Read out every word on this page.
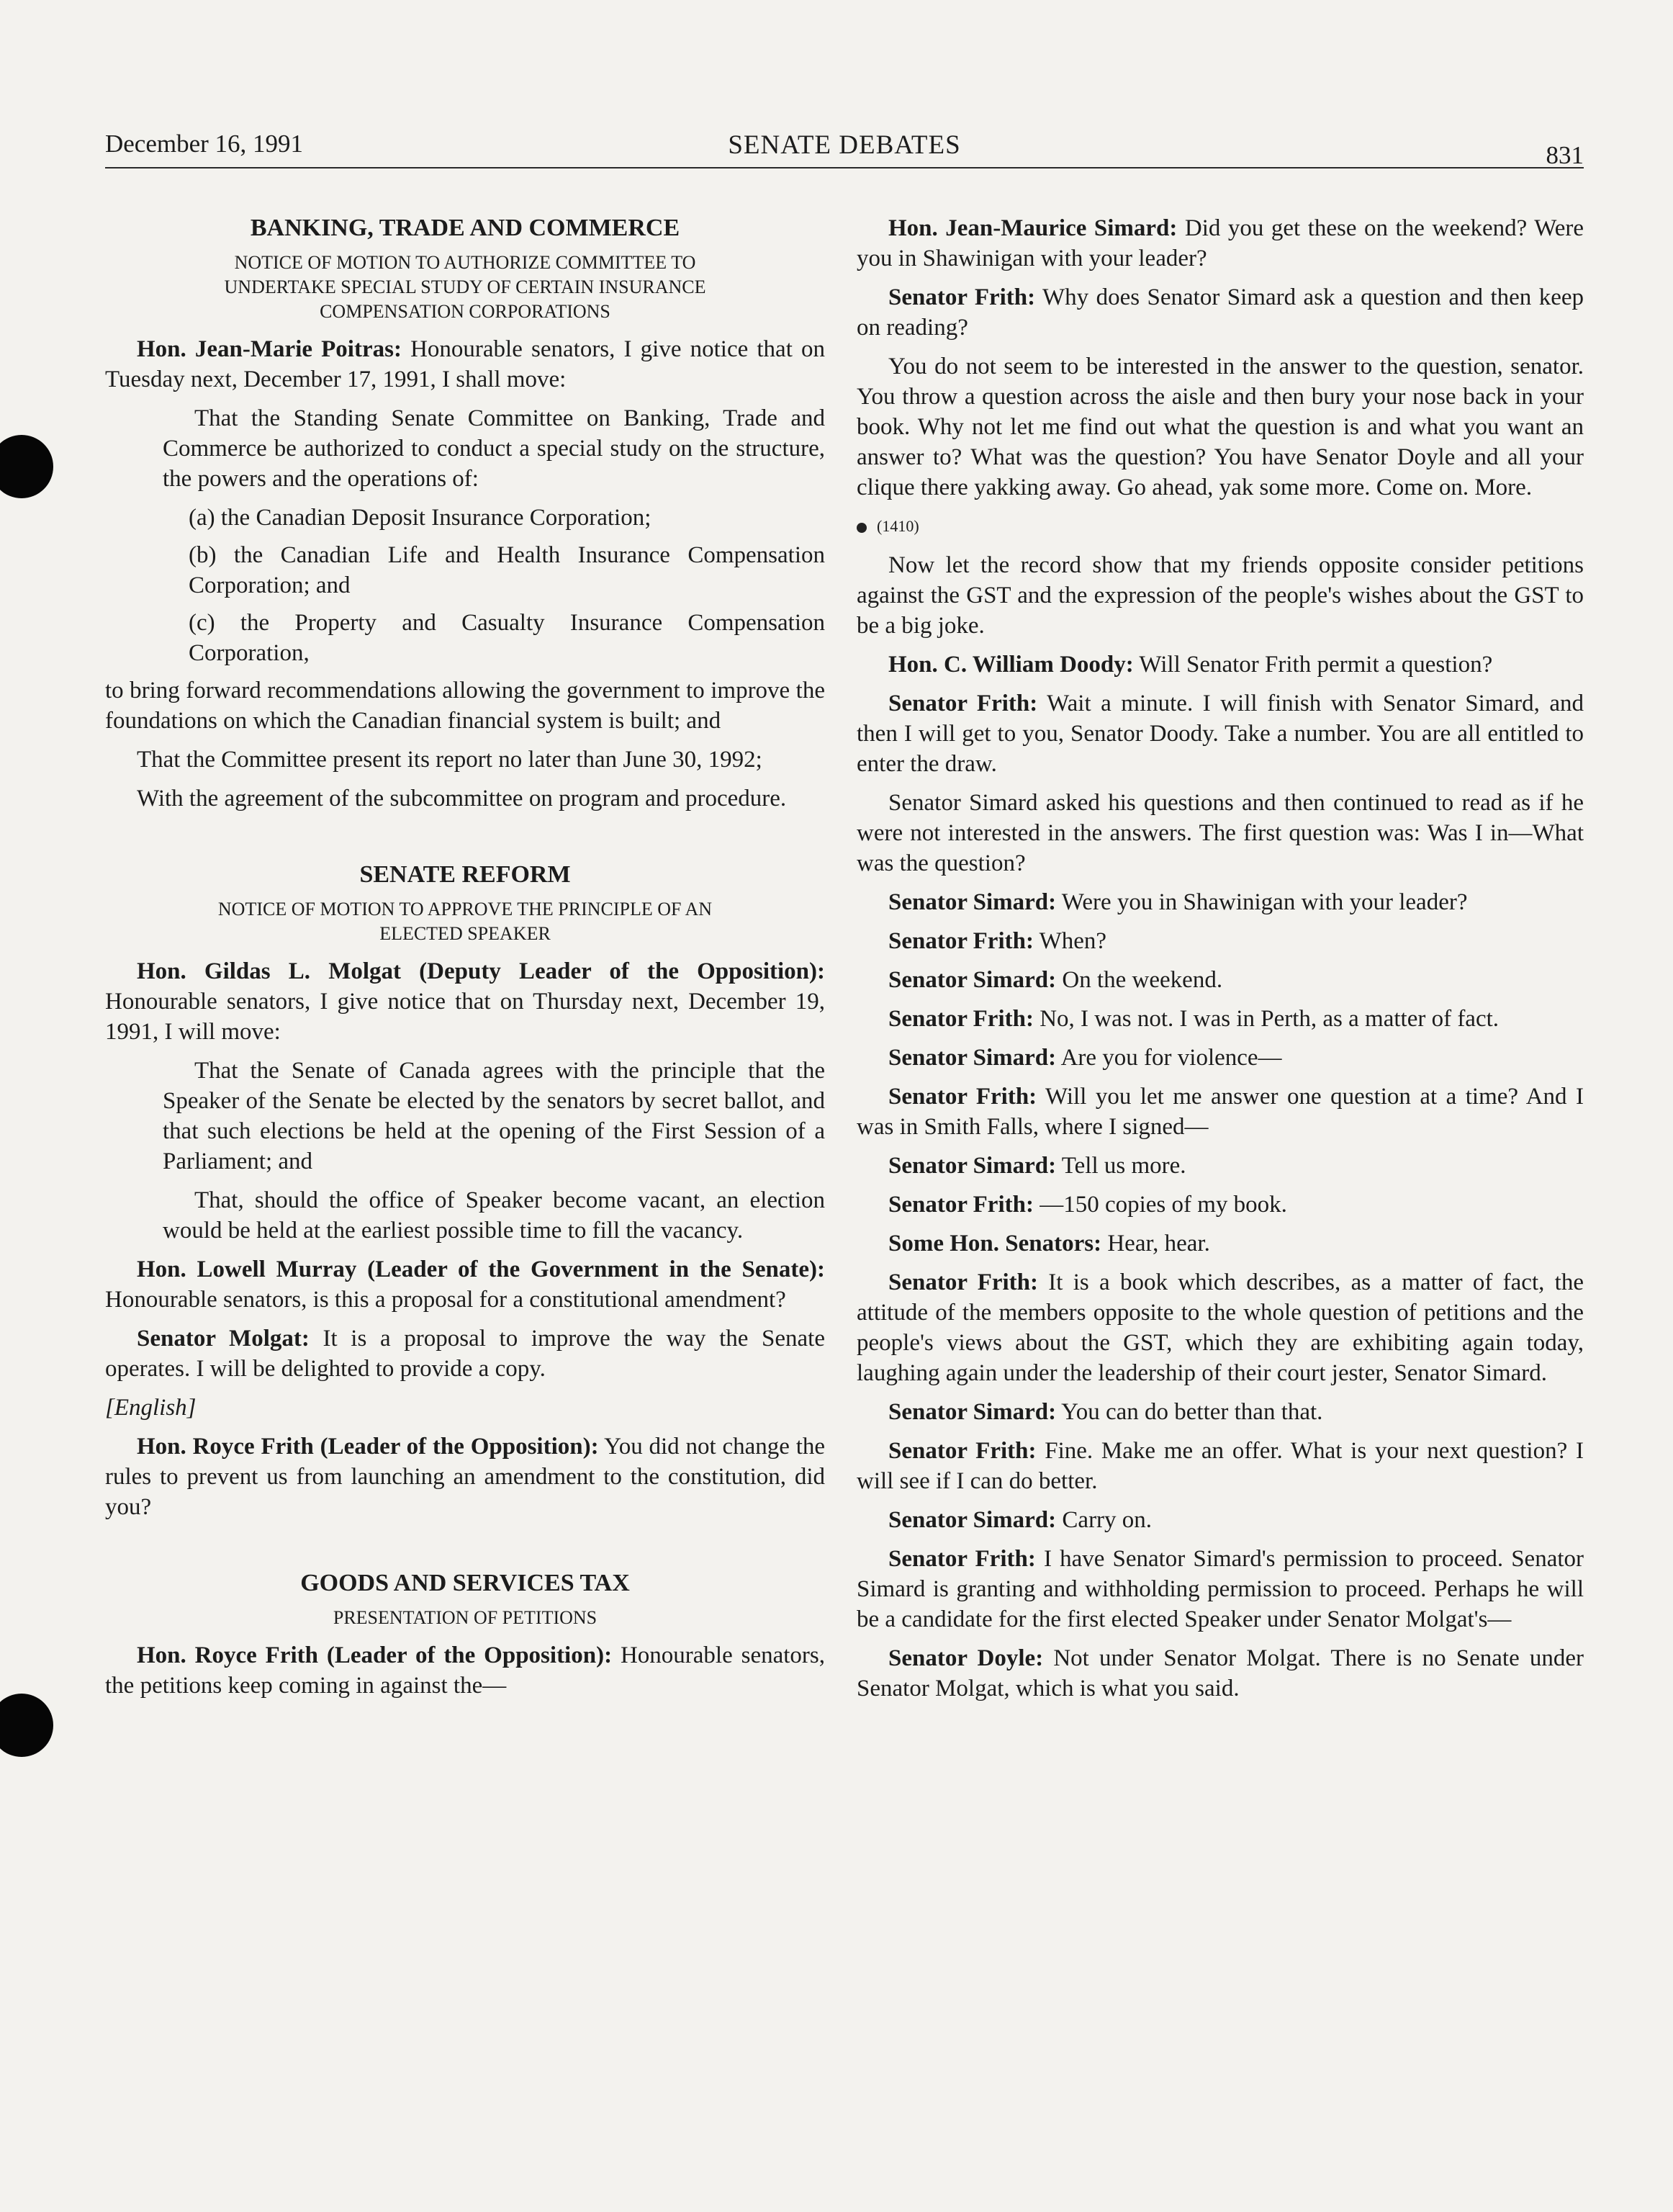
December 16, 1991	SENATE DEBATES	831
BANKING, TRADE AND COMMERCE
NOTICE OF MOTION TO AUTHORIZE COMMITTEE TO
UNDERTAKE SPECIAL STUDY OF CERTAIN INSURANCE
COMPENSATION CORPORATIONS

Hon. Jean-Marie Poitras: Honourable senators, I give notice that on Tuesday next, December 17, 1991, I shall move:

That the Standing Senate Committee on Banking, Trade and Commerce be authorized to conduct a special study on the structure, the powers and the operations of:
(a) the Canadian Deposit Insurance Corporation;
(b) the Canadian Life and Health Insurance Compensation Corporation; and
(c) the Property and Casualty Insurance Compensation Corporation,

to bring forward recommendations allowing the government to improve the foundations on which the Canadian financial system is built; and

That the Committee present its report no later than June 30, 1992;

With the agreement of the subcommittee on program and procedure.

SENATE REFORM
NOTICE OF MOTION TO APPROVE THE PRINCIPLE OF AN
ELECTED SPEAKER

Hon. Gildas L. Molgat (Deputy Leader of the Opposition): Honourable senators, I give notice that on Thursday next, December 19, 1991, I will move:

That the Senate of Canada agrees with the principle that the Speaker of the Senate be elected by the senators by secret ballot, and that such elections be held at the opening of the First Session of a Parliament; and
That, should the office of Speaker become vacant, an election would be held at the earliest possible time to fill the vacancy.

Hon. Lowell Murray (Leader of the Government in the Senate): Honourable senators, is this a proposal for a constitutional amendment?

Senator Molgat: It is a proposal to improve the way the Senate operates. I will be delighted to provide a copy.

[English]

Hon. Royce Frith (Leader of the Opposition): You did not change the rules to prevent us from launching an amendment to the constitution, did you?

GOODS AND SERVICES TAX
PRESENTATION OF PETITIONS

Hon. Royce Frith (Leader of the Opposition): Honourable senators, the petitions keep coming in against the—

Hon. Jean-Maurice Simard: Did you get these on the weekend? Were you in Shawinigan with your leader?

Senator Frith: Why does Senator Simard ask a question and then keep on reading?

You do not seem to be interested in the answer to the question, senator. You throw a question across the aisle and then bury your nose back in your book. Why not let me find out what the question is and what you want an answer to? What was the question? You have Senator Doyle and all your clique there yakking away. Go ahead, yak some more. Come on. More.

(1410)

Now let the record show that my friends opposite consider petitions against the GST and the expression of the people's wishes about the GST to be a big joke.

Hon. C. William Doody: Will Senator Frith permit a question?

Senator Frith: Wait a minute. I will finish with Senator Simard, and then I will get to you, Senator Doody. Take a number. You are all entitled to enter the draw.

Senator Simard asked his questions and then continued to read as if he were not interested in the answers. The first question was: Was I in—What was the question?

Senator Simard: Were you in Shawinigan with your leader?

Senator Frith: When?

Senator Simard: On the weekend.

Senator Frith: No, I was not. I was in Perth, as a matter of fact.

Senator Simard: Are you for violence—

Senator Frith: Will you let me answer one question at a time? And I was in Smith Falls, where I signed—

Senator Simard: Tell us more.

Senator Frith: —150 copies of my book.

Some Hon. Senators: Hear, hear.

Senator Frith: It is a book which describes, as a matter of fact, the attitude of the members opposite to the whole question of petitions and the people's views about the GST, which they are exhibiting again today, laughing again under the leadership of their court jester, Senator Simard.

Senator Simard: You can do better than that.

Senator Frith: Fine. Make me an offer. What is your next question? I will see if I can do better.

Senator Simard: Carry on.

Senator Frith: I have Senator Simard's permission to proceed. Senator Simard is granting and withholding permission to proceed. Perhaps he will be a candidate for the first elected Speaker under Senator Molgat's—

Senator Doyle: Not under Senator Molgat. There is no Senate under Senator Molgat, which is what you said.
